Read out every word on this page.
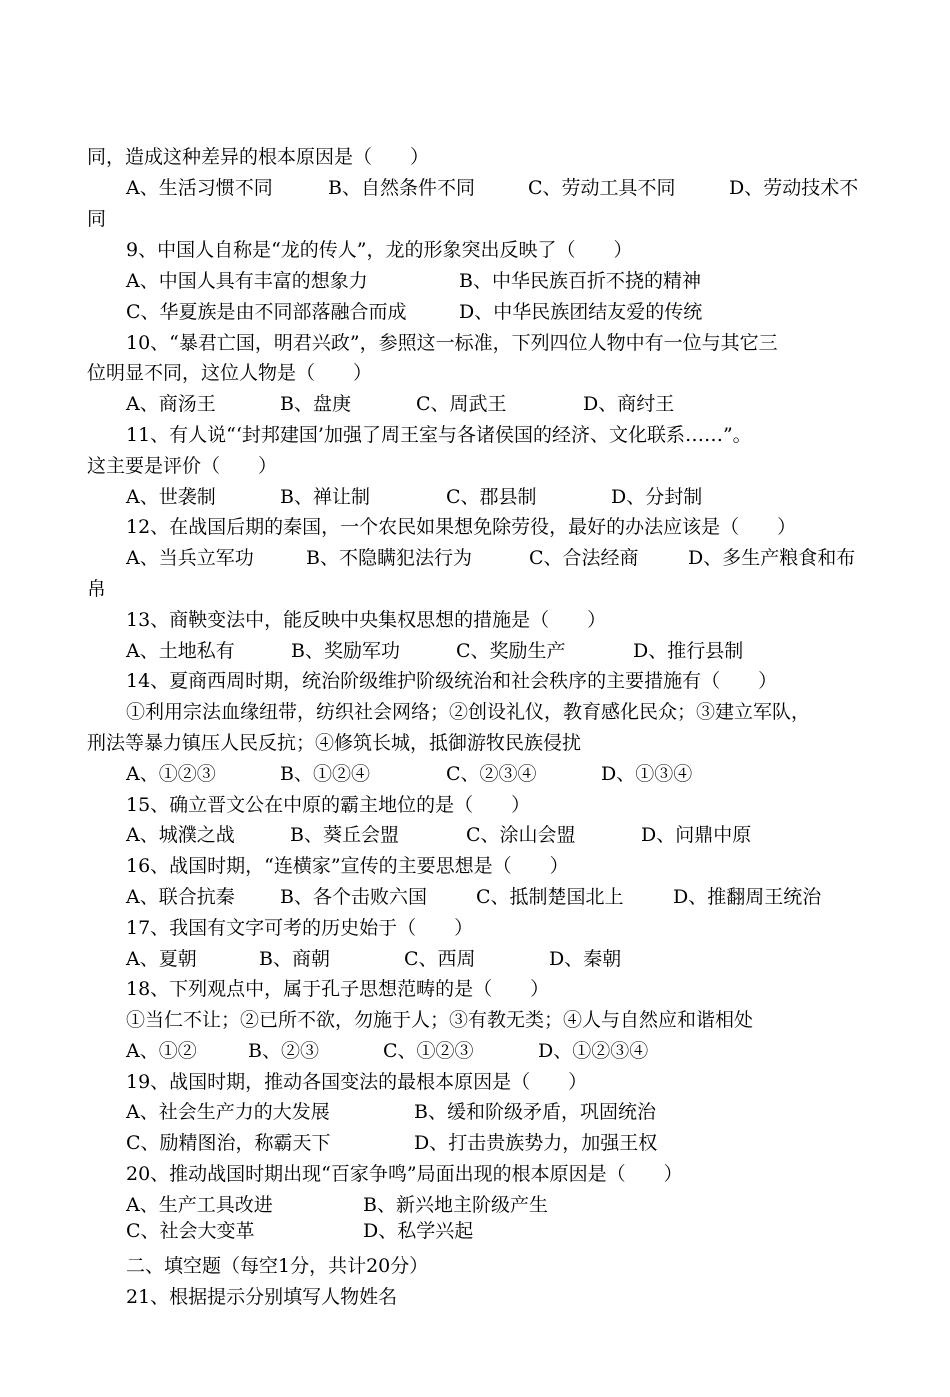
同，造成这种差异的根本原因是（　　）

A、生活习惯不同

	B、自然条件不同

	C、劳动工具不同

	D、劳动技术不

同
9、中国人自称是“龙的传人”，龙的形象突出反映了（　　）

A、中国人具有丰富的想象力

	B、中华民族百折不挠的精神

C、华夏族是由不同部落融合而成

	D、中华民族团结友爱的传统

10、“暴君亡国，明君兴政”，参照这一标准，下列四位人物中有一位与其它三
位明显不同，这位人物是（　　）

A、商汤王

	B、盘庚

	C、周武王

	D、商纣王

11、有人说“‘封邦建国’加强了周王室与各诸侯国的经济、文化联系……”。
这主要是评价（　　）

A、世袭制

	B、禅让制

	C、郡县制

	D、分封制

12、在战国后期的秦国，一个农民如果想免除劳役，最好的办法应该是（　　）

A、当兵立军功

	B、不隐瞒犯法行为

	C、合法经商

	D、多生产粮食和布

帛
13、商鞅变法中，能反映中央集权思想的措施是（　　）

A、土地私有

	B、奖励军功

	C、奖励生产

	D、推行县制

14、夏商西周时期，统治阶级维护阶级统治和社会秩序的主要措施有（　　）
①利用宗法血缘纽带，纺织社会网络；②创设礼仪，教育感化民众；③建立军队，
刑法等暴力镇压人民反抗；④修筑长城，抵御游牧民族侵扰

A、①②③

	B、①②④

	C、②③④

	D、①③④

15、确立晋文公在中原的霸主地位的是（　　）

A、城濮之战

	B、葵丘会盟

	C、涂山会盟

	D、问鼎中原

16、战国时期，“连横家”宣传的主要思想是（　　）

A、联合抗秦

B、各个击败六国

	C、抵制楚国北上

	D、推翻周王统治

17、我国有文字可考的历史始于（　　）

A、夏朝

	B、商朝

	C、西周

	D、秦朝

18、下列观点中，属于孔子思想范畴的是（　　）
①当仁不让；②已所不欲，勿施于人；③有教无类；④人与自然应和谐相处

A、①②

	B、②③

	C、①②③

	D、①②③④

19、战国时期，推动各国变法的最根本原因是（　　）

A、社会生产力的大发展

	B、缓和阶级矛盾，巩固统治

C、励精图治，称霸天下

	D、打击贵族势力，加强王权

20、推动战国时期出现“百家争鸣”局面出现的根本原因是（　　）

A、生产工具改进

	B、新兴地主阶级产生

C、社会大变革

	D、私学兴起

二、填空题（每空1分，共计20分）
21、根据提示分别填写人物姓名
